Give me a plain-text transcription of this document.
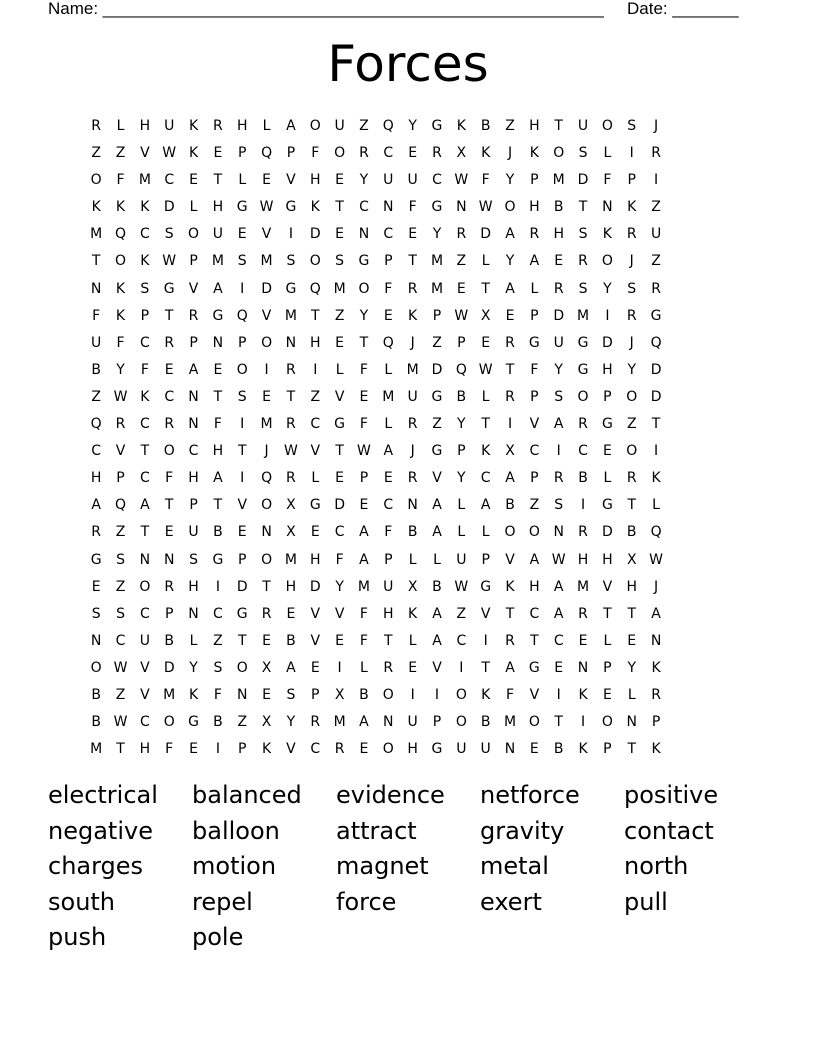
Name: _____________________________________________________ Date: _______
Forces
R	L	H U	K	R	H	L	A	O U	Z	Q	Y	G	K	B	Z	H	T	U O	S	J
Z	Z	V W K	E	P	Q	P	F	O R	C	E	R	X	K	J	K	O	S	L	I	R
O	F	M C	E	T	L	E	V	H	E	Y	U	U	C W F	Y	P	M D	F	P	I
K	K	K	D	L	H G W G	K	T	C	N	F	G N W O H	B	T	N	K	Z
M Q C	S	O U	E	V	I	D	E	N	C	E	Y	R	D	A	R	H	S	K	R	U
T	O	K W P	M S M S	O	S	G	P	T	M Z	L	Y	A	E	R O	J	Z
N	K	S	G	V	A	I	D G Q M O	F	R M E	T	A	L	R	S	Y	S	R
F	K	P	T	R	G Q	V M	T	Z	Y	E	K	P W X	E	P	D M	I	R	G
U	F	C	R	P	N	P	O N H	E	T	Q	J	Z	P	E	R	G U G D	J	Q
B	Y	F	E	A	E	O	I	R	I	L	F	L	M D Q W T	F	Y	G H	Y	D
Z W K	C	N	T	S	E	T	Z	V	E M U G	B	L	R	P	S	O	P	O D
Q R	C	R	N	F	I	M R	C	G	F	L	R	Z	Y	T	I	V	A	R	G	Z	T
C	V	T	O C	H	T	J	W V	T W A	J	G	P	K	X	C	I	C	E	O	I
H	P	C	F	H	A	I	Q R	L	E	P	E	R	V	Y	C	A	P	R	B	L	R	K
A	Q	A	T	P	T	V	O	X	G D	E	C	N	A	L	A	B	Z	S	I	G	T	L
R	Z	T	E	U	B	E	N	X	E	C	A	F	B	A	L	L	O O N	R	D	B	Q
G	S	N N	S	G	P	O M H	F	A	P	L	L	U	P	V	A W H H	X W
E	Z	O R	H	I	D	T	H D	Y	M U	X	B W G	K	H	A M V	H	J
S	S	C	P	N	C	G	R	E	V	V	F	H	K	A	Z	V	T	C	A	R	T	T	A
N	C	U	B	L	Z	T	E	B	V	E	F	T	L	A	C	I	R	T	C	E	L	E	N
O W V	D	Y	S	O	X	A	E	I	L	R	E	V	I	T	A	G	E	N	P	Y	K
B	Z	V M K	F	N	E	S	P	X	B	O	I	I	O	K	F	V	I	K	E	L	R
B W C O G	B	Z	X	Y	R M A	N U	P	O	B M O	T	I	O N	P
M	T	H	F	E	I	P	K	V	C	R	E	O H G U	U N	E	B	K	P	T	K
electrical	balanced	evidence	netforce	positive
negative	balloon	attract	gravity	contact
charges	motion	magnet	metal	north
south	repel	force	exert	pull
push	pole
